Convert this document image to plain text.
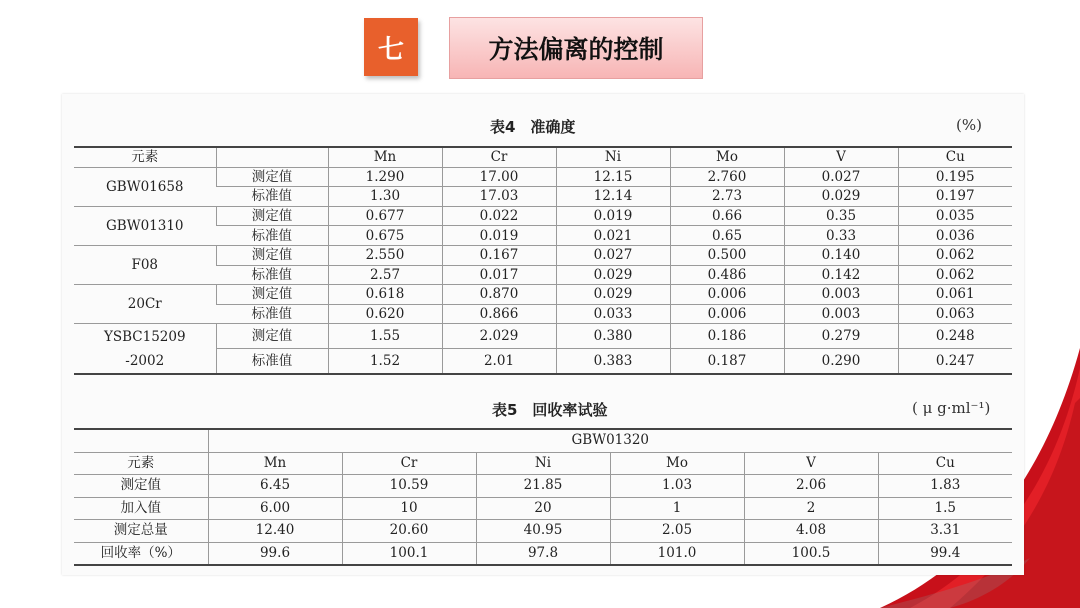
七	方法偏离的控制
表4　准确度	(%)
元素		Mn	Cr	Ni	Mo	V	Cu
GBW01658	测定值	1.290	17.00	12.15	2.760	0.027	0.195
	标准值	1.30	17.03	12.14	2.73	0.029	0.197
GBW01310	测定值	0.677	0.022	0.019	0.66	0.35	0.035
	标准值	0.675	0.019	0.021	0.65	0.33	0.036
F08	测定值	2.550	0.167	0.027	0.500	0.140	0.062
	标准值	2.57	0.017	0.029	0.486	0.142	0.062
20Cr	测定值	0.618	0.870	0.029	0.006	0.003	0.061
	标准值	0.620	0.866	0.033	0.006	0.003	0.063
YSBC15209	测定值	1.55	2.029	0.380	0.186	0.279	0.248
-2002	标准值	1.52	2.01	0.383	0.187	0.290	0.247
表5　回收率试验	( μ g·ml⁻¹)
	GBW01320					
元素	Mn	Cr	Ni	Mo	V	Cu
测定值	6.45	10.59	21.85	1.03	2.06	1.83
加入值	6.00	10	20	1	2	1.5
测定总量	12.40	20.60	40.95	2.05	4.08	3.31
回收率（%）	99.6	100.1	97.8	101.0	100.5	99.4
